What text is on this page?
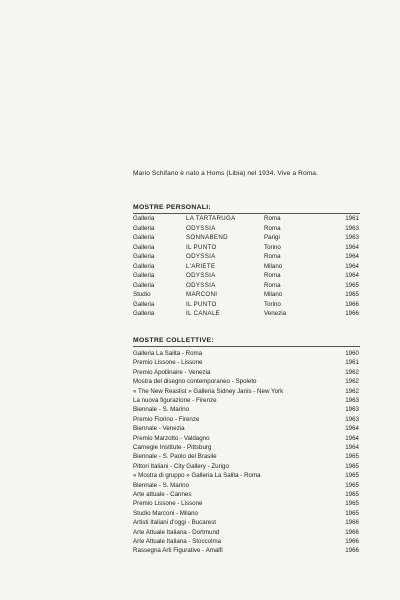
Mario Schifano è nato a Homs (Libia) nel 1934. Vive a Roma.
MOSTRE PERSONALI:
Galleria	LA TARTARUGA	Roma	1961
Galleria	ODYSSIA	Roma	1963
Galleria	SONNABEND	Parigi	1963
Galleria	IL PUNTO	Torino	1964
Galleria	ODYSSIA	Roma	1964
Galleria	L'ARIETE	Milano	1964
Galleria	ODYSSIA	Roma	1964
Galleria	ODYSSIA	Roma	1965
Studio	MARCONI	Milano	1965
Galleria	IL PUNTO	Torino	1966
Galleria	IL CANALE	Venezia	1966
MOSTRE COLLETTIVE:
Galleria La Salita - Roma	1960
Premio Lissone - Lissone	1961
Premio Apollinaire - Venezia	1962
Mostra del disegno contemporaneo - Spoleto	1962
« The New Reaslist » Galleria Sidney Janis - New York	1962
La nuova figurazione - Firenze	1963
Biennale - S. Marino	1963
Premio Fiorino - Firenze	1963
Biennale - Venezia	1964
Premio Marzotto - Valdagno	1964
Carnegie Institute - Pittsburg	1964
Biennale - S. Paolo del Brasile	1965
Pittori Italiani - City Gallery - Zurigo	1965
« Mostra di gruppo » Galleria La Salita - Roma	1965
Biennale - S. Marino	1965
Arte attuale - Cannes	1965
Premio Lissone - Lissone	1965
Studio Marconi - Milano	1965
Artisti Italiani d'oggi - Bucarest	1966
Arte Attuale Italiana - Dortmund	1966
Arte Attuale Italiana - Stoccolma	1966
Rassegna Arti Figurative - Amalfi	1966
